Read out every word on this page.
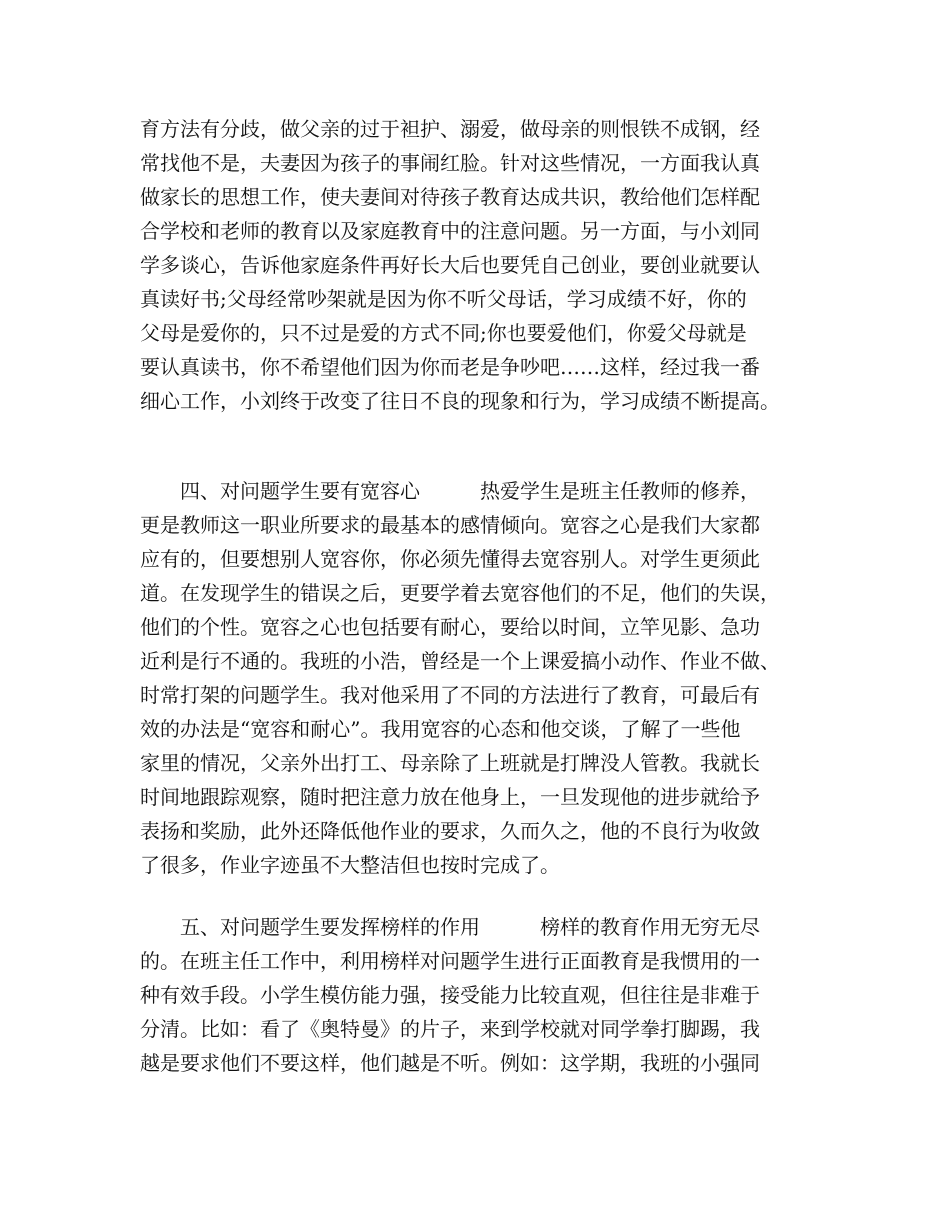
育方法有分歧，做父亲的过于袒护、溺爱，做母亲的则恨铁不成钢，经
常找他不是，夫妻因为孩子的事闹红脸。针对这些情况，一方面我认真
做家长的思想工作，使夫妻间对待孩子教育达成共识，教给他们怎样配
合学校和老师的教育以及家庭教育中的注意问题。另一方面，与小刘同
学多谈心，告诉他家庭条件再好长大后也要凭自己创业，要创业就要认
真读好书;父母经常吵架就是因为你不听父母话，学习成绩不好，你的
父母是爱你的，只不过是爱的方式不同;你也要爱他们，你爱父母就是
要认真读书，你不希望他们因为你而老是争吵吧……这样，经过我一番
细心工作，小刘终于改变了往日不良的现象和行为，学习成绩不断提高。
四、对问题学生要有宽容心　　　热爱学生是班主任教师的修养，
更是教师这一职业所要求的最基本的感情倾向。宽容之心是我们大家都
应有的，但要想别人宽容你，你必须先懂得去宽容别人。对学生更须此
道。在发现学生的错误之后，更要学着去宽容他们的不足，他们的失误，
他们的个性。宽容之心也包括要有耐心，要给以时间，立竿见影、急功
近利是行不通的。我班的小浩，曾经是一个上课爱搞小动作、作业不做、
时常打架的问题学生。我对他采用了不同的方法进行了教育，可最后有
效的办法是“宽容和耐心”。我用宽容的心态和他交谈，了解了一些他
家里的情况，父亲外出打工、母亲除了上班就是打牌没人管教。我就长
时间地跟踪观察，随时把注意力放在他身上，一旦发现他的进步就给予
表扬和奖励，此外还降低他作业的要求，久而久之，他的不良行为收敛
了很多，作业字迹虽不大整洁但也按时完成了。
五、对问题学生要发挥榜样的作用　　　榜样的教育作用无穷无尽
的。在班主任工作中，利用榜样对问题学生进行正面教育是我惯用的一
种有效手段。小学生模仿能力强，接受能力比较直观，但往往是非难于
分清。比如：看了《奥特曼》的片子，来到学校就对同学拳打脚踢，我
越是要求他们不要这样，他们越是不听。例如：这学期，我班的小强同
